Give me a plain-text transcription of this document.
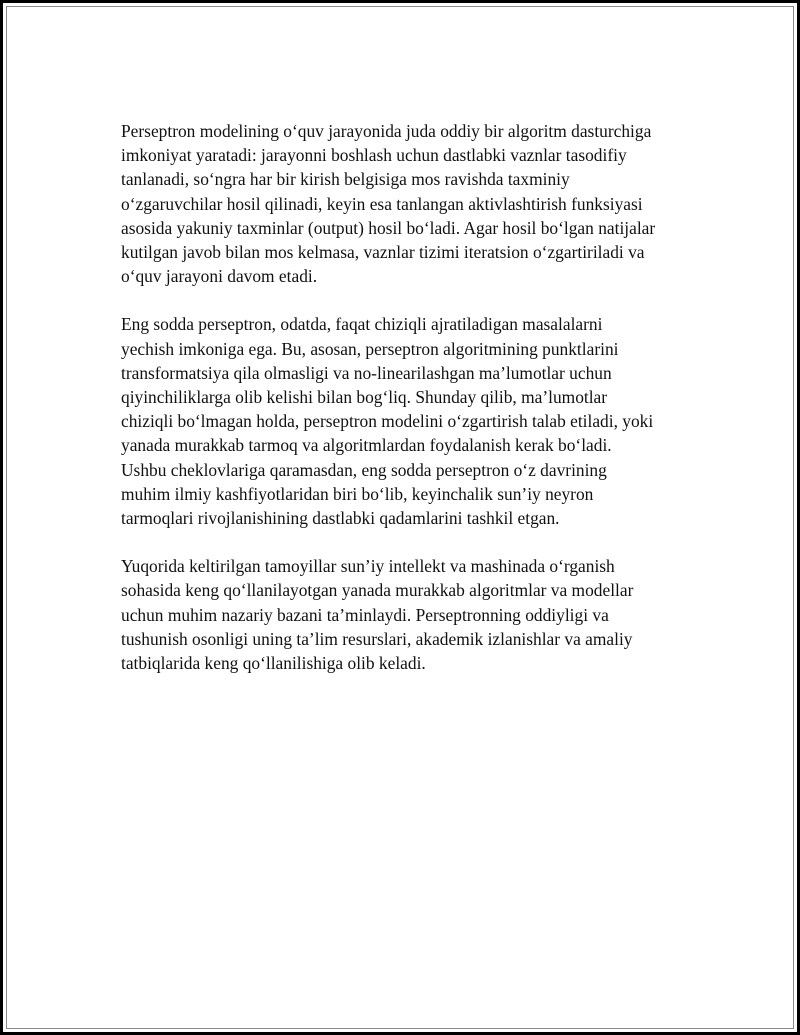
Perseptron modelining o‘quv jarayonida juda oddiy bir algoritm dasturchiga
imkoniyat yaratadi: jarayonni boshlash uchun dastlabki vaznlar tasodifiy
tanlanadi, so‘ngra har bir kirish belgisiga mos ravishda taxminiy
o‘zgaruvchilar hosil qilinadi, keyin esa tanlangan aktivlashtirish funksiyasi
asosida yakuniy taxminlar (output) hosil bo‘ladi. Agar hosil bo‘lgan natijalar
kutilgan javob bilan mos kelmasa, vaznlar tizimi iteratsion o‘zgartiriladi va
o‘quv jarayoni davom etadi.

Eng sodda perseptron, odatda, faqat chiziqli ajratiladigan masalalarni
yechish imkoniga ega. Bu, asosan, perseptron algoritmining punktlarini
transformatsiya qila olmasligi va no-linearilashgan ma’lumotlar uchun
qiyinchiliklarga olib kelishi bilan bog‘liq. Shunday qilib, ma’lumotlar
chiziqli bo‘lmagan holda, perseptron modelini o‘zgartirish talab etiladi, yoki
yanada murakkab tarmoq va algoritmlardan foydalanish kerak bo‘ladi.
Ushbu cheklovlariga qaramasdan, eng sodda perseptron o‘z davrining
muhim ilmiy kashfiyotlaridan biri bo‘lib, keyinchalik sun’iy neyron
tarmoqlari rivojlanishining dastlabki qadamlarini tashkil etgan.

Yuqorida keltirilgan tamoyillar sun’iy intellekt va mashinada o‘rganish
sohasida keng qo‘llanilayotgan yanada murakkab algoritmlar va modellar
uchun muhim nazariy bazani ta’minlaydi. Perseptronning oddiyligi va
tushunish osonligi uning ta’lim resurslari, akademik izlanishlar va amaliy
tatbiqlarida keng qo‘llanilishiga olib keladi.
